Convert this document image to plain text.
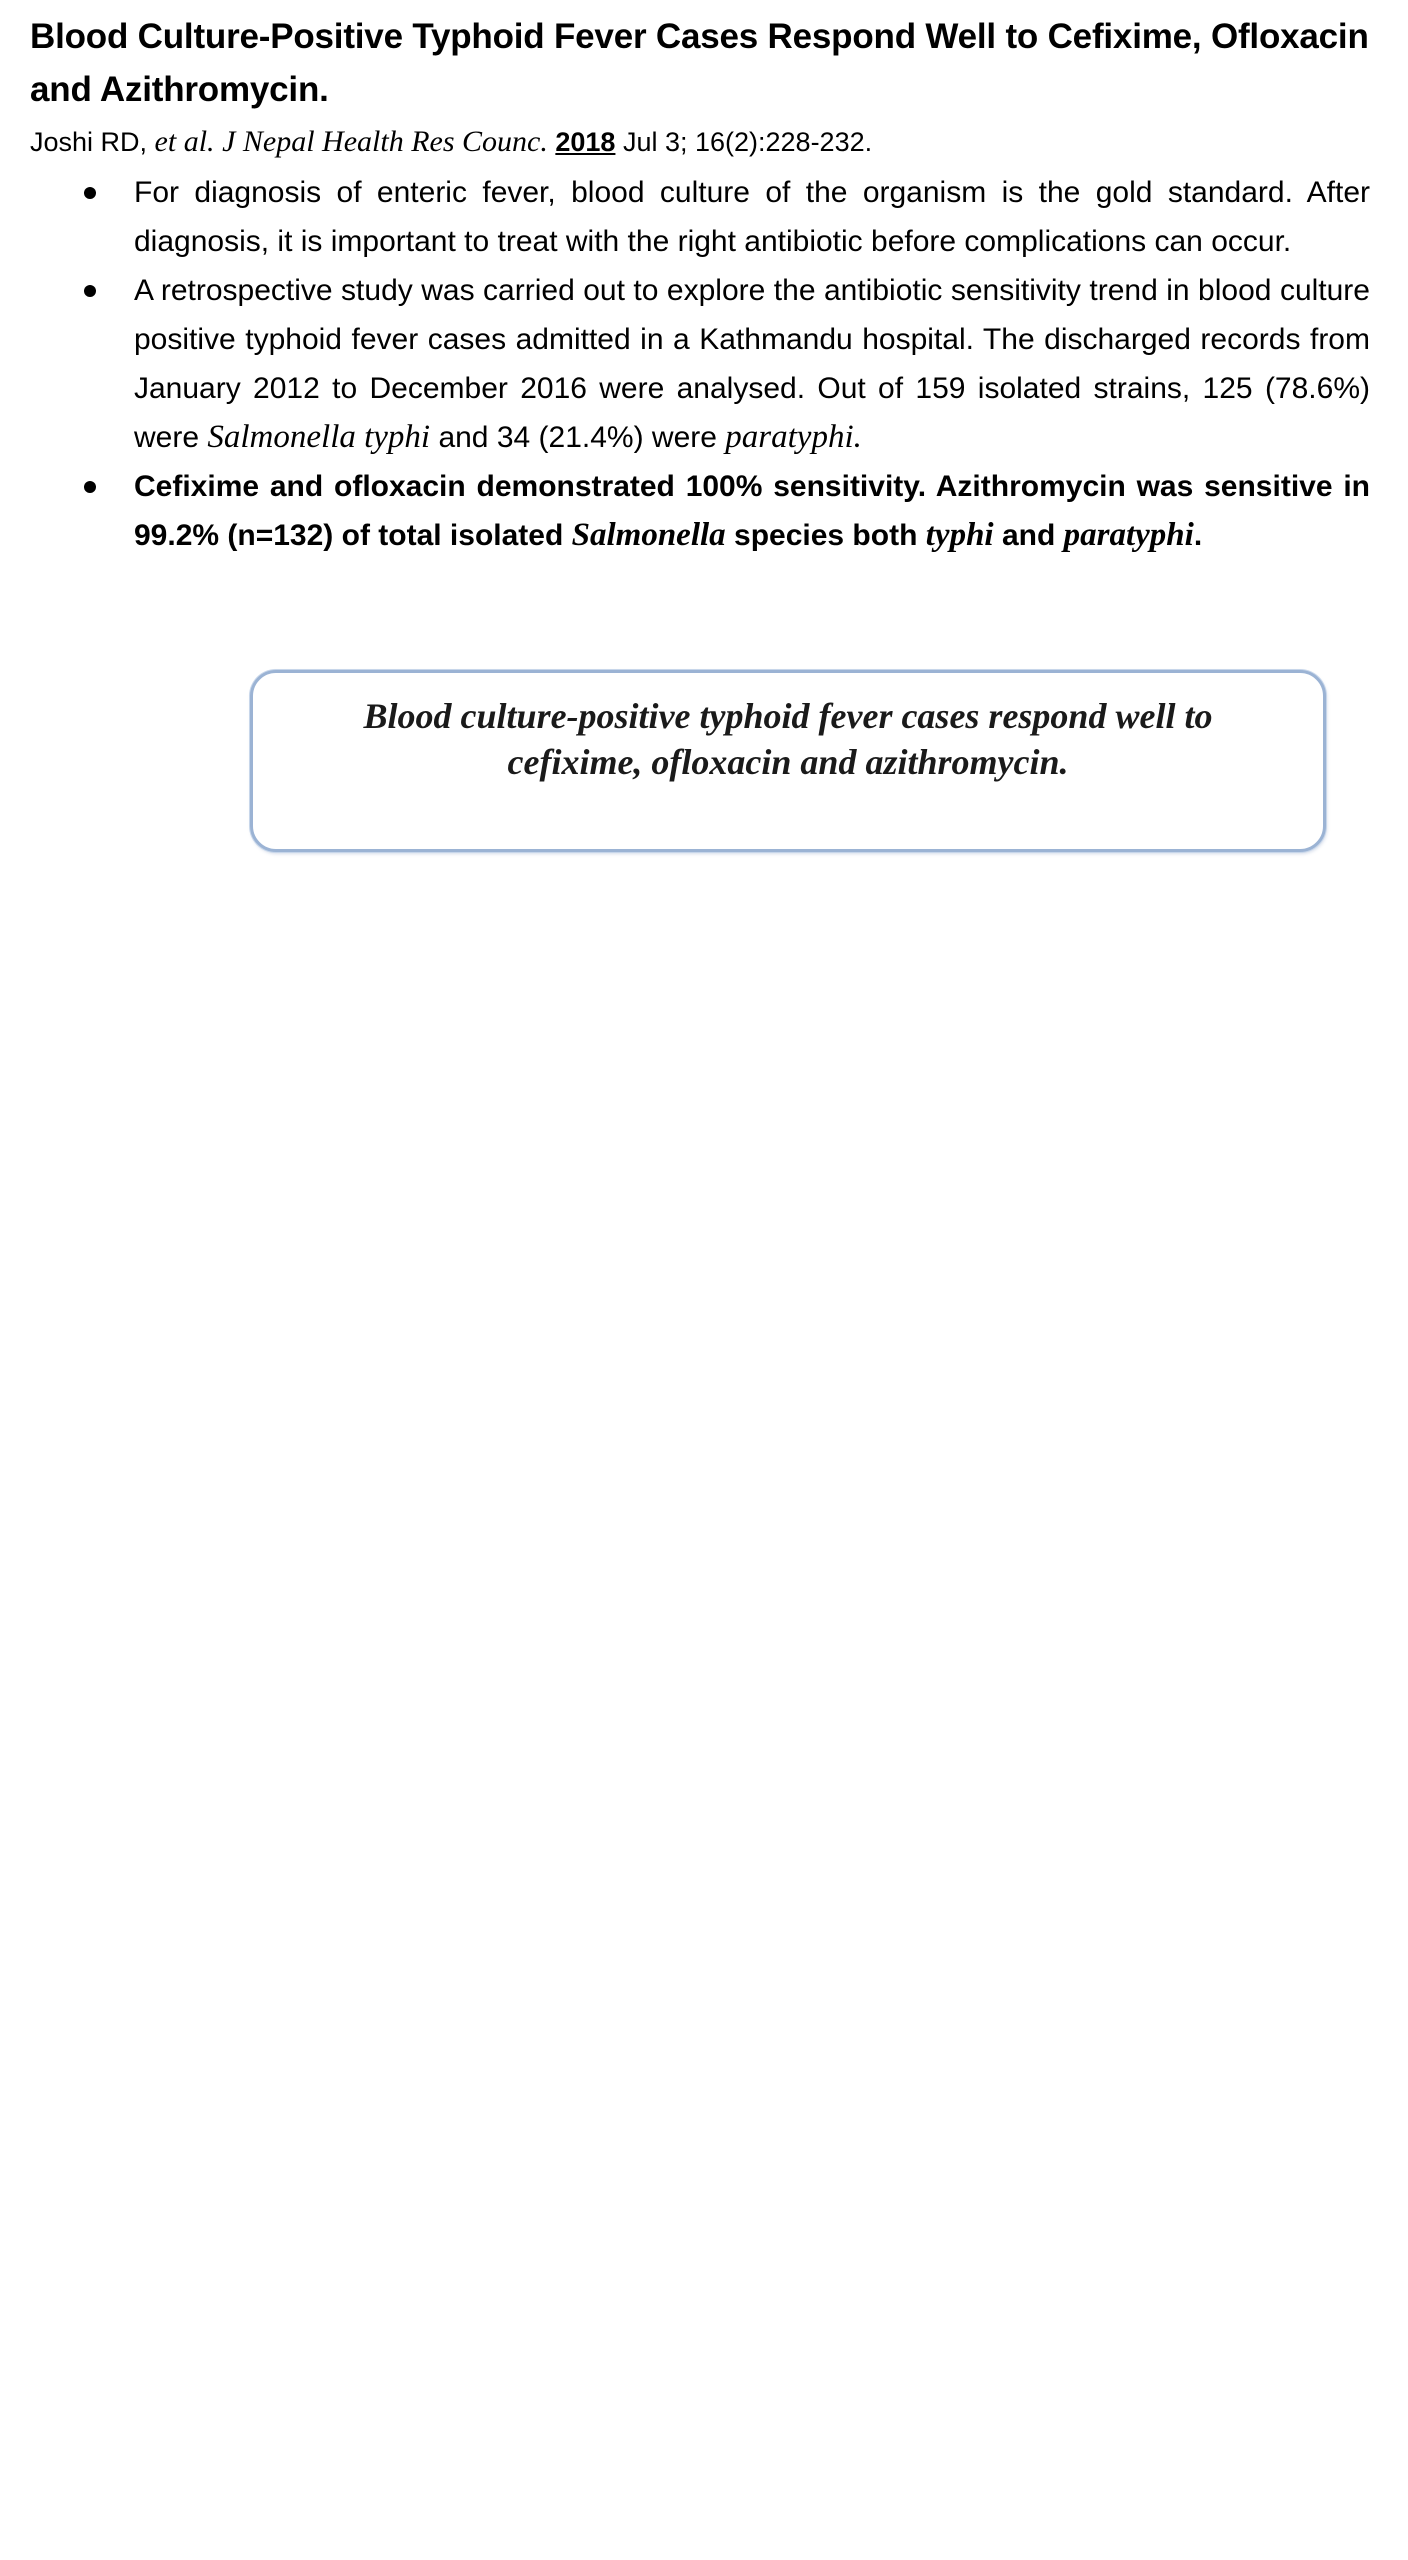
Blood Culture-Positive Typhoid Fever Cases Respond Well to Cefixime, Ofloxacin and Azithromycin.
Joshi RD, et al. J Nepal Health Res Counc. 2018 Jul 3; 16(2):228-232.
For diagnosis of enteric fever, blood culture of the organism is the gold standard. After diagnosis, it is important to treat with the right antibiotic before complications can occur.
A retrospective study was carried out to explore the antibiotic sensitivity trend in blood culture positive typhoid fever cases admitted in a Kathmandu hospital. The discharged records from January 2012 to December 2016 were analysed. Out of 159 isolated strains, 125 (78.6%) were Salmonella typhi and 34 (21.4%) were paratyphi.
Cefixime and ofloxacin demonstrated 100% sensitivity. Azithromycin was sensitive in 99.2% (n=132) of total isolated Salmonella species both typhi and paratyphi.
Blood culture-positive typhoid fever cases respond well to
cefixime, ofloxacin and azithromycin.
